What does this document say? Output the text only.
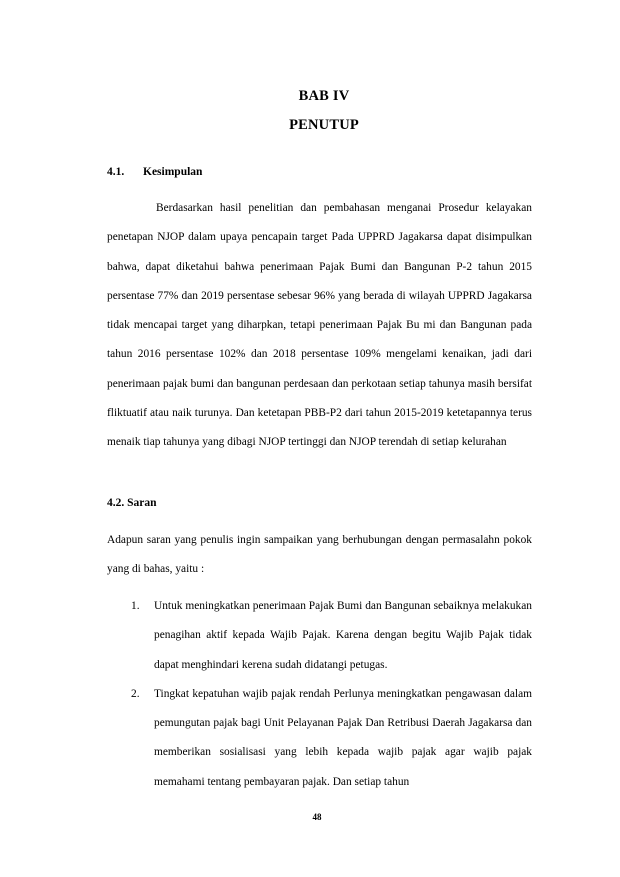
BAB IV
PENUTUP
4.1. Kesimpulan
Berdasarkan hasil penelitian dan pembahasan menganai Prosedur kelayakan penetapan NJOP dalam upaya pencapain target Pada UPPRD Jagakarsa dapat disimpulkan bahwa, dapat diketahui bahwa penerimaan Pajak Bumi dan Bangunan P-2 tahun 2015 persentase 77% dan 2019 persentase sebesar 96% yang berada di wilayah UPPRD Jagakarsa tidak mencapai target yang diharpkan, tetapi penerimaan Pajak Bu mi dan Bangunan pada tahun 2016 persentase 102% dan 2018 persentase 109% mengelami kenaikan, jadi dari penerimaan pajak bumi dan bangunan perdesaan dan perkotaan setiap tahunya masih bersifat fliktuatif atau naik turunya. Dan ketetapan PBB-P2 dari tahun 2015-2019 ketetapannya terus menaik tiap tahunya yang dibagi NJOP tertinggi dan NJOP terendah di setiap kelurahan
4.2. Saran
Adapun saran yang penulis ingin sampaikan yang berhubungan dengan permasalahn pokok yang di bahas, yaitu :
1. Untuk meningkatkan penerimaan Pajak Bumi dan Bangunan sebaiknya melakukan penagihan aktif kepada Wajib Pajak. Karena dengan begitu Wajib Pajak tidak dapat menghindari kerena sudah didatangi petugas.
2. Tingkat kepatuhan wajib pajak rendah Perlunya meningkatkan pengawasan dalam pemungutan pajak bagi Unit Pelayanan Pajak Dan Retribusi Daerah Jagakarsa dan memberikan sosialisasi yang lebih kepada wajib pajak agar wajib pajak memahami tentang pembayaran pajak. Dan setiap tahun
48
